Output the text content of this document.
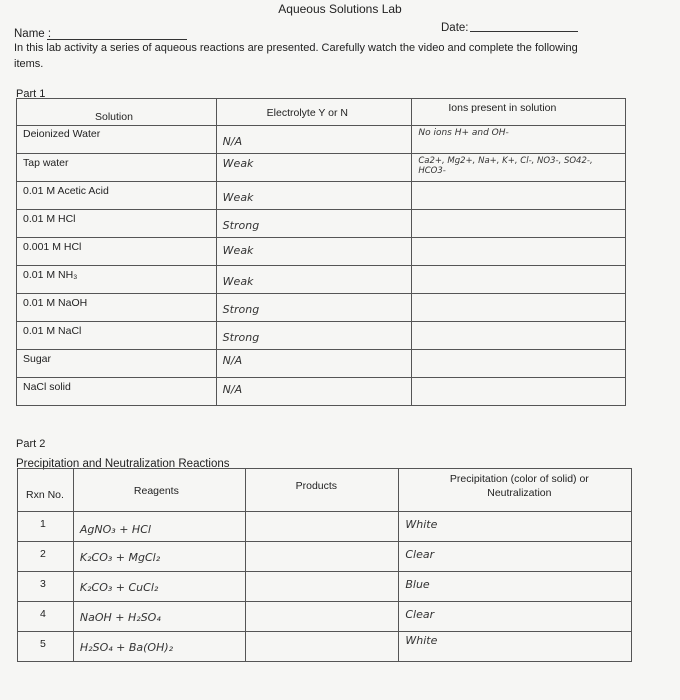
Aqueous Solutions Lab
Name :	Date:
In this lab activity a series of aqueous reactions are presented. Carefully watch the video and complete the following items.
Part 1
Solution	Electrolyte Y or N	Ions present in solution

Deionized Water	N/A	No ions H+ and OH-

Tap water	Weak	Ca2+, Mg2+, Na+, K+, Cl-, NO3-, SO42-, HCO3-

0.01 M Acetic Acid	Weak	

0.01 M HCl	Strong	

0.001 M HCl	Weak	

0.01 M NH₃	Weak	

0.01 M NaOH	Strong	

0.01 M NaCl	Strong	

Sugar	N/A	

NaCl solid	N/A	

Part 2
Precipitation and Neutralization Reactions
Rxn No.	Reagents	Products	Precipitation (color of solid) or Neutralization

1	AgNO₃ + HCl		White

2	K₂CO₃ + MgCl₂		Clear

3	K₂CO₃ + CuCl₂		Blue

4	NaOH + H₂SO₄		Clear

5	H₂SO₄ + Ba(OH)₂		White
